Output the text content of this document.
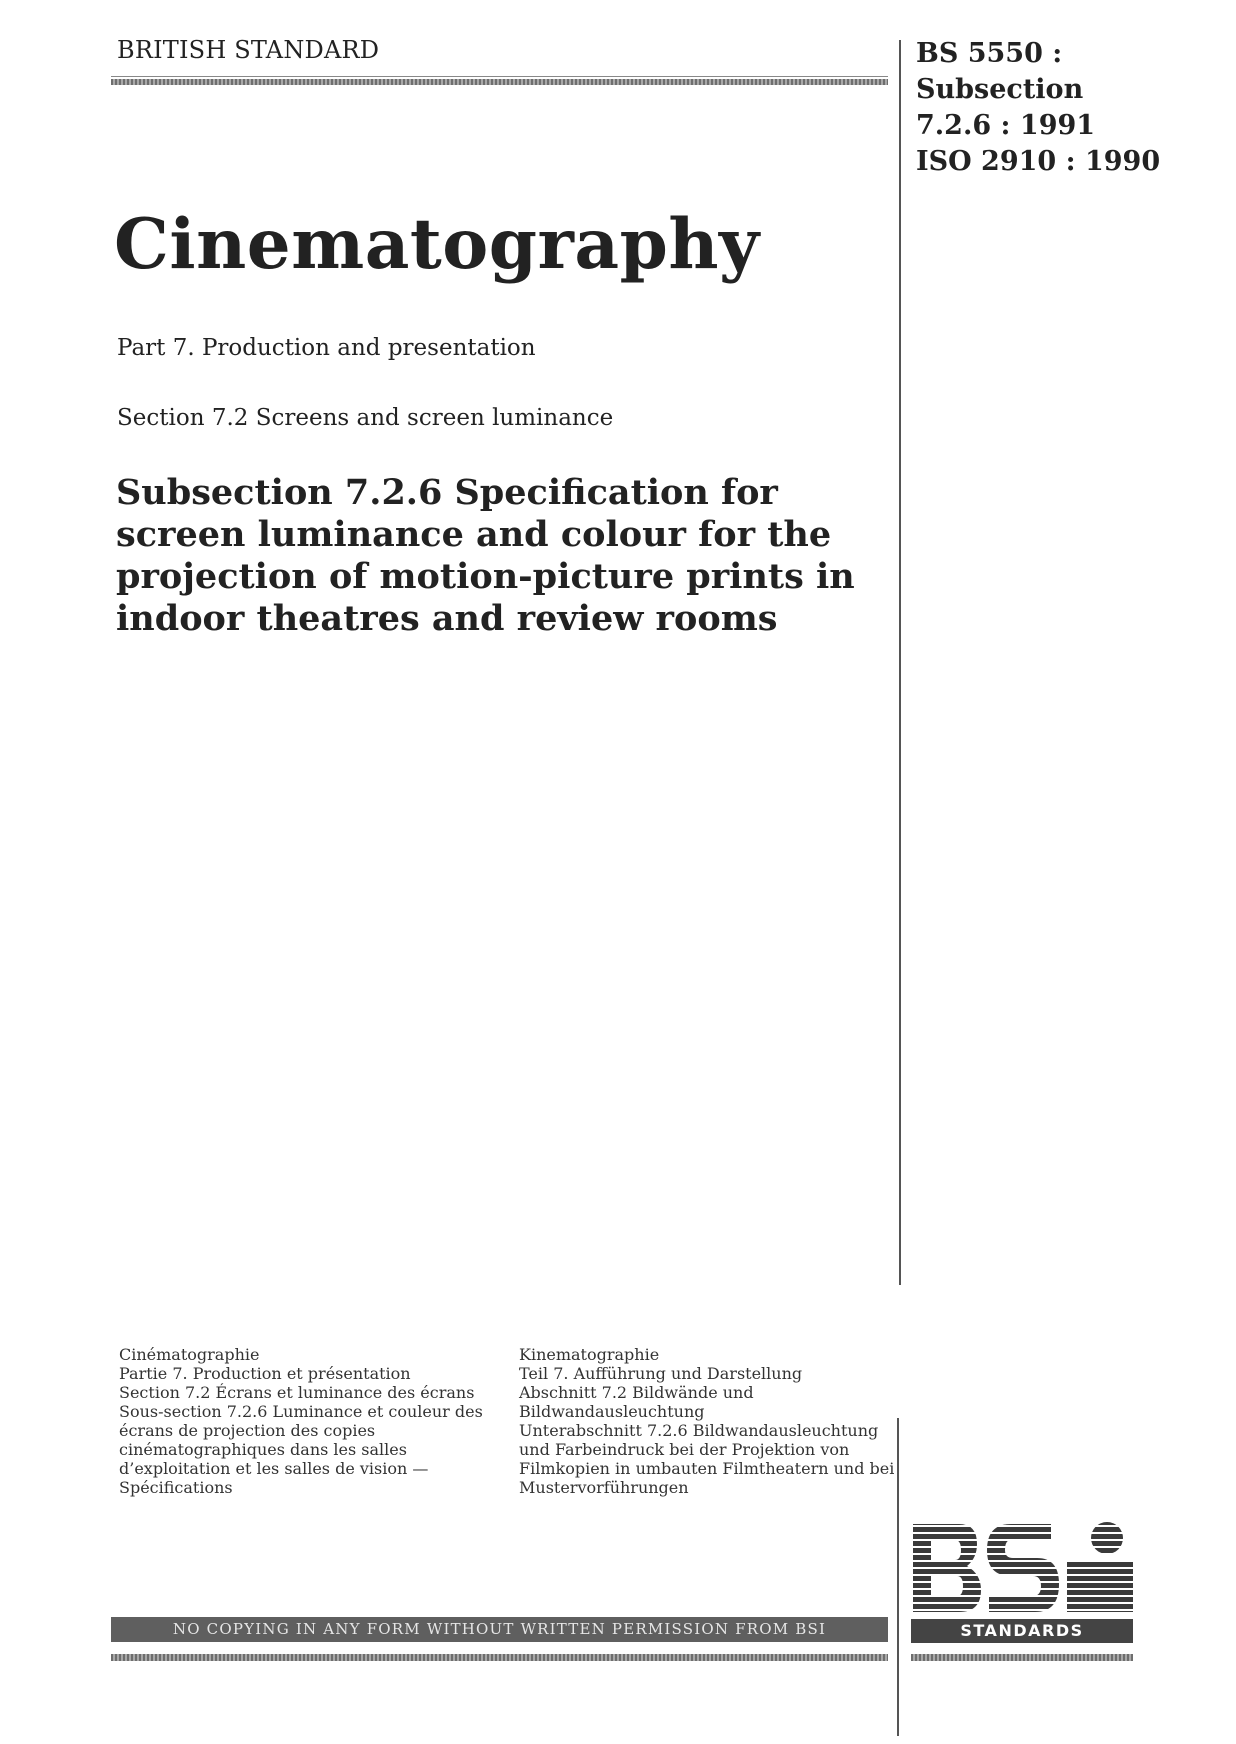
BRITISH STANDARD	BS 5550 :
Subsection
7.2.6 : 1991
ISO 2910 : 1990
Cinematography
Part 7. Production and presentation
Section 7.2 Screens and screen luminance
Subsection 7.2.6 Specification for screen luminance and colour for the projection of motion-picture prints in indoor theatres and review rooms
Cinématographie
Partie 7. Production et présentation
Section 7.2 Écrans et luminance des écrans
Sous-section 7.2.6 Luminance et couleur des
écrans de projection des copies
cinématographiques dans les salles
d’exploitation et les salles de vision —
Spécifications
Kinematographie
Teil 7. Aufführung und Darstellung
Abschnitt 7.2 Bildwände und
Bildwandausleuchtung
Unterabschnitt 7.2.6 Bildwandausleuchtung
und Farbeindruck bei der Projektion von
Filmkopien in umbauten Filmtheatern und bei
Mustervorführungen
NO COPYING IN ANY FORM WITHOUT WRITTEN PERMISSION FROM BSI	STANDARDS
